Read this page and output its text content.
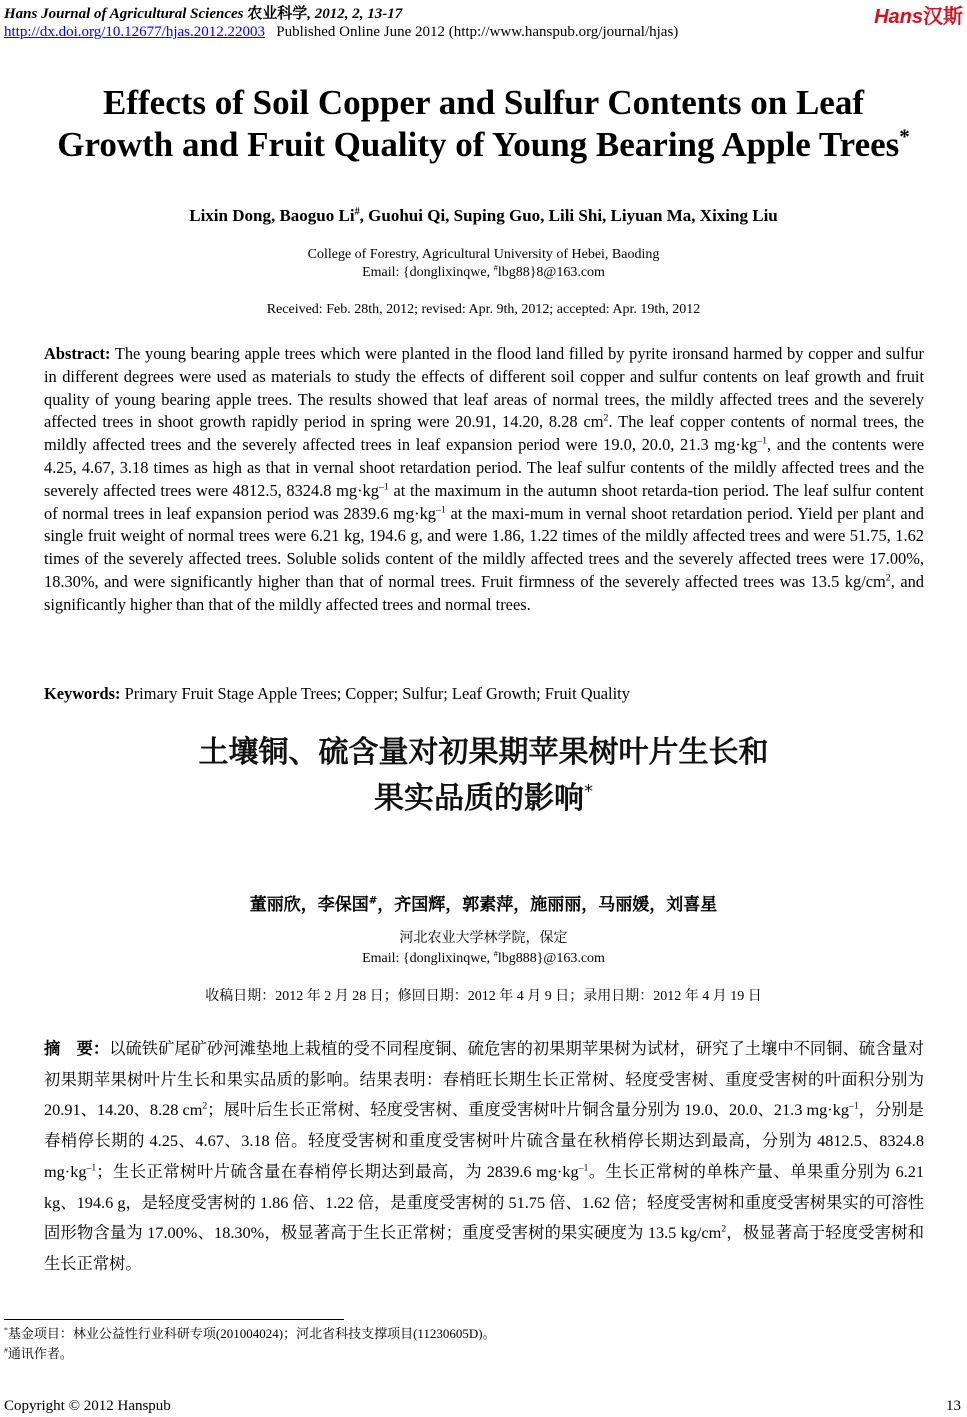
Hans Journal of Agricultural Sciences 农业科学, 2012, 2, 13-17
http://dx.doi.org/10.12677/hjas.2012.22003 Published Online June 2012 (http://www.hanspub.org/journal/hjas)
Hans汉斯
Effects of Soil Copper and Sulfur Contents on Leaf
Growth and Fruit Quality of Young Bearing Apple Trees*
Lixin Dong, Baoguo Li#, Guohui Qi, Suping Guo, Lili Shi, Liyuan Ma, Xixing Liu
College of Forestry, Agricultural University of Hebei, Baoding
Email: {donglixinqwe, #lbg88}8@163.com
Received: Feb. 28th, 2012; revised: Apr. 9th, 2012; accepted: Apr. 19th, 2012
Abstract: The young bearing apple trees which were planted in the flood land filled by pyrite ironsand harmed by copper and sulfur in different degrees were used as materials to study the effects of different soil copper and sulfur contents on leaf growth and fruit quality of young bearing apple trees. The results showed that leaf areas of normal trees, the mildly affected trees and the severely affected trees in shoot growth rapidly period in spring were 20.91, 14.20, 8.28 $cm^2$. The leaf copper contents of normal trees, the mildly affected trees and the severely affected trees in leaf expansion period were 19.0, 20.0, 21.3 $mg\cdot kg^{-1}$, and the contents were 4.25, 4.67, 3.18 times as high as that in vernal shoot retardation period. The leaf sulfur contents of the mildly affected trees and the severely affected trees were 4812.5, 8324.8 $mg\cdot kg^{-1}$ at the maximum in the autumn shoot retarda-tion period. The leaf sulfur content of normal trees in leaf expansion period was 2839.6 $mg\cdot kg^{-1}$ at the maxi-mum in vernal shoot retardation period. Yield per plant and single fruit weight of normal trees were 6.21 kg, 194.6 g, and were 1.86, 1.22 times of the mildly affected trees and were 51.75, 1.62 times of the severely affected trees. Soluble solids content of the mildly affected trees and the severely affected trees were 17.00%, 18.30%, and were significantly higher than that of normal trees. Fruit firmness of the severely affected trees was 13.5 $kg/cm^2$, and significantly higher than that of the mildly affected trees and normal trees.
Keywords: Primary Fruit Stage Apple Trees; Copper; Sulfur; Leaf Growth; Fruit Quality
土壤铜、硫含量对初果期苹果树叶片生长和
果实品质的影响*
董丽欣，李保国#，齐国辉，郭素萍，施丽丽，马丽媛，刘喜星
河北农业大学林学院，保定
Email: {donglixinqwe, #lbg888}@163.com
收稿日期：2012 年 2 月 28 日；修回日期：2012 年 4 月 9 日；录用日期：2012 年 4 月 19 日
摘　要：以硫铁矿尾矿砂河滩垫地上栽植的受不同程度铜、硫危害的初果期苹果树为试材，研究了土壤中不同铜、硫含量对初果期苹果树叶片生长和果实品质的影响。结果表明：春梢旺长期生长正常树、轻度受害树、重度受害树的叶面积分别为 20.91、14.20、8.28 $cm^2$；展叶后生长正常树、轻度受害树、重度受害树叶片铜含量分别为 19.0、20.0、21.3 $mg\cdot kg^{-1}$，分别是春梢停长期的 4.25、4.67、3.18 倍。轻度受害树和重度受害树叶片硫含量在秋梢停长期达到最高，分别为 4812.5、8324.8 $mg\cdot kg^{-1}$；生长正常树叶片硫含量在春梢停长期达到最高，为 2839.6 $mg\cdot kg^{-1}$。生长正常树的单株产量、单果重分别为 6.21 kg、194.6 g，是轻度受害树的 1.86 倍、1.22 倍，是重度受害树的 51.75 倍、1.62 倍；轻度受害树和重度受害树果实的可溶性固形物含量为 17.00%、18.30%，极显著高于生长正常树；重度受害树的果实硬度为 13.5 $kg/cm^2$，极显著高于轻度受害树和生长正常树。
*基金项目：林业公益性行业科研专项(201004024)；河北省科技支撑项目(11230605D)。
#通讯作者。
Copyright © 2012 Hanspub	13
